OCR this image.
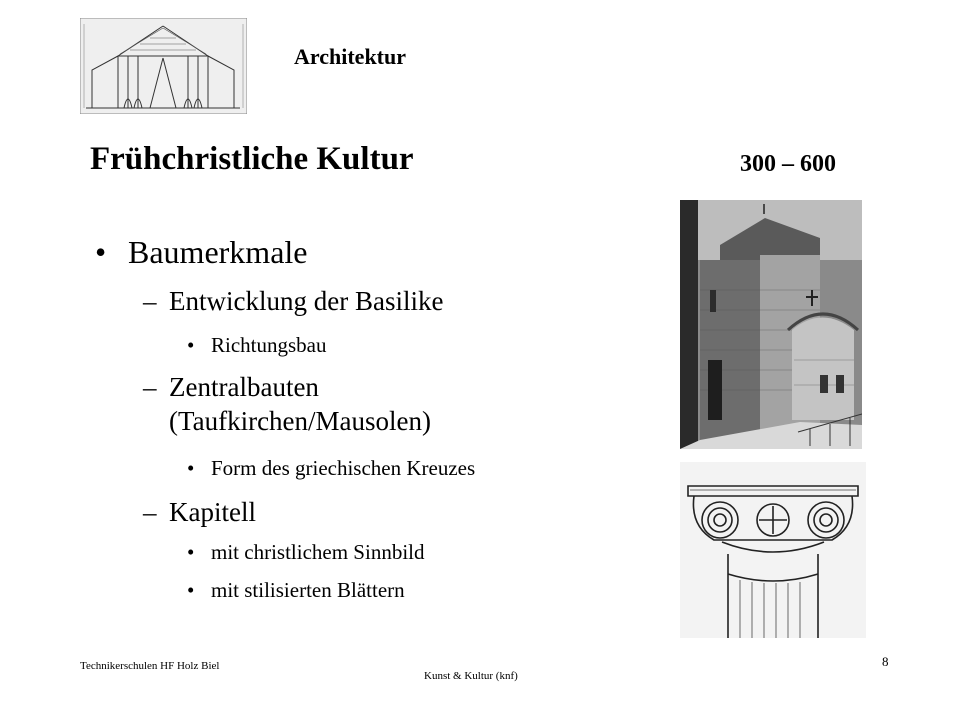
Architektur
Frühchristliche Kultur	300 – 600
• Baumerkmale
– Entwicklung der Basilike
• Richtungsbau
– Zentralbauten
(Taufkirchen/Mausolen)
• Form des griechischen Kreuzes
– Kapitell
• mit christlichem Sinnbild
• mit stilisierten Blättern
Technikerschulen HF Holz Biel
Kunst & Kultur (knf)
8
